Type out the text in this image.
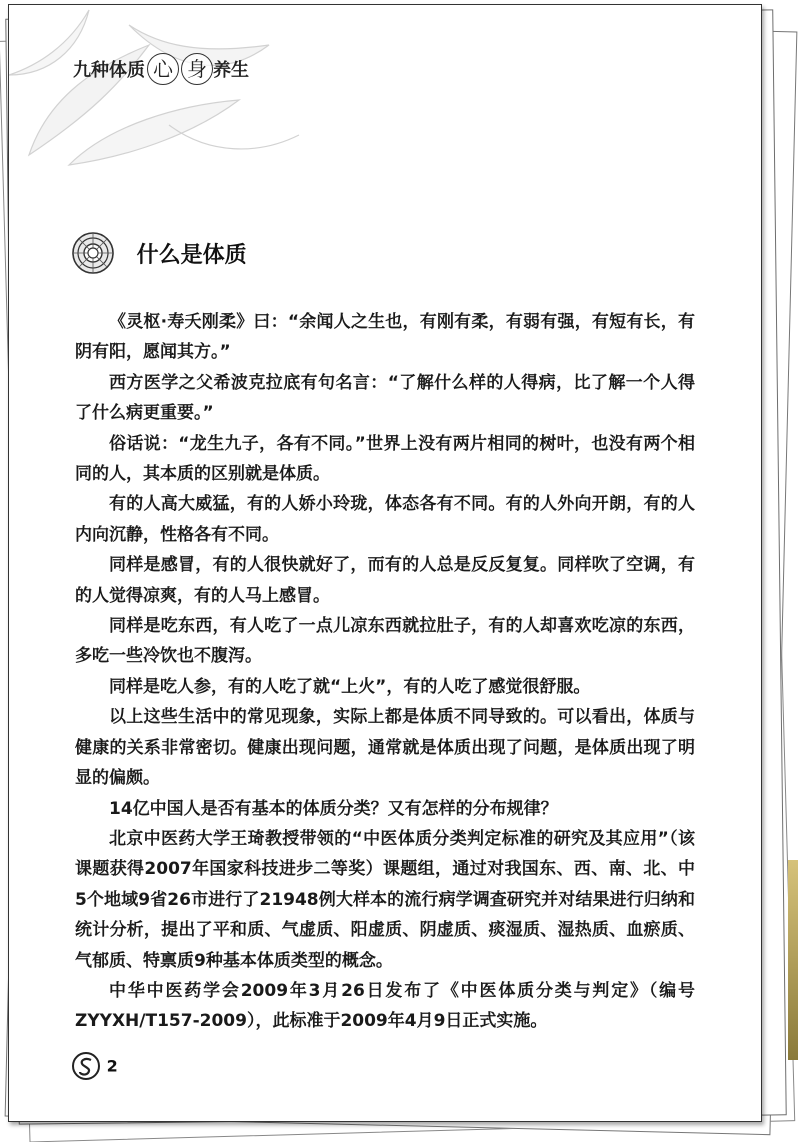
九种体质 心 身 养生
什么是体质

《灵枢·寿夭刚柔》曰：“余闻人之生也，有刚有柔，有弱有强，有短有长，有阴有阳，愿闻其方。”

西方医学之父希波克拉底有句名言：“了解什么样的人得病，比了解一个人得了什么病更重要。”

俗话说：“龙生九子，各有不同。”世界上没有两片相同的树叶，也没有两个相同的人，其本质的区别就是体质。

有的人高大威猛，有的人娇小玲珑，体态各有不同。有的人外向开朗，有的人内向沉静，性格各有不同。

同样是感冒，有的人很快就好了，而有的人总是反反复复。同样吹了空调，有的人觉得凉爽，有的人马上感冒。

同样是吃东西，有人吃了一点儿凉东西就拉肚子，有的人却喜欢吃凉的东西，多吃一些冷饮也不腹泻。

同样是吃人参，有的人吃了就“上火”，有的人吃了感觉很舒服。

以上这些生活中的常见现象，实际上都是体质不同导致的。可以看出，体质与健康的关系非常密切。健康出现问题，通常就是体质出现了问题，是体质出现了明显的偏颇。

14亿中国人是否有基本的体质分类？又有怎样的分布规律？

北京中医药大学王琦教授带领的“中医体质分类判定标准的研究及其应用”（该课题获得2007年国家科技进步二等奖）课题组，通过对我国东、西、南、北、中5个地域9省26市进行了21948例大样本的流行病学调查研究并对结果进行归纳和统计分析，提出了平和质、气虚质、阳虚质、阴虚质、痰湿质、湿热质、血瘀质、气郁质、特禀质9种基本体质类型的概念。

中华中医药学会2009年3月26日发布了《中医体质分类与判定》（编号ZYYXH/T157-2009），此标准于2009年4月9日正式实施。

2
